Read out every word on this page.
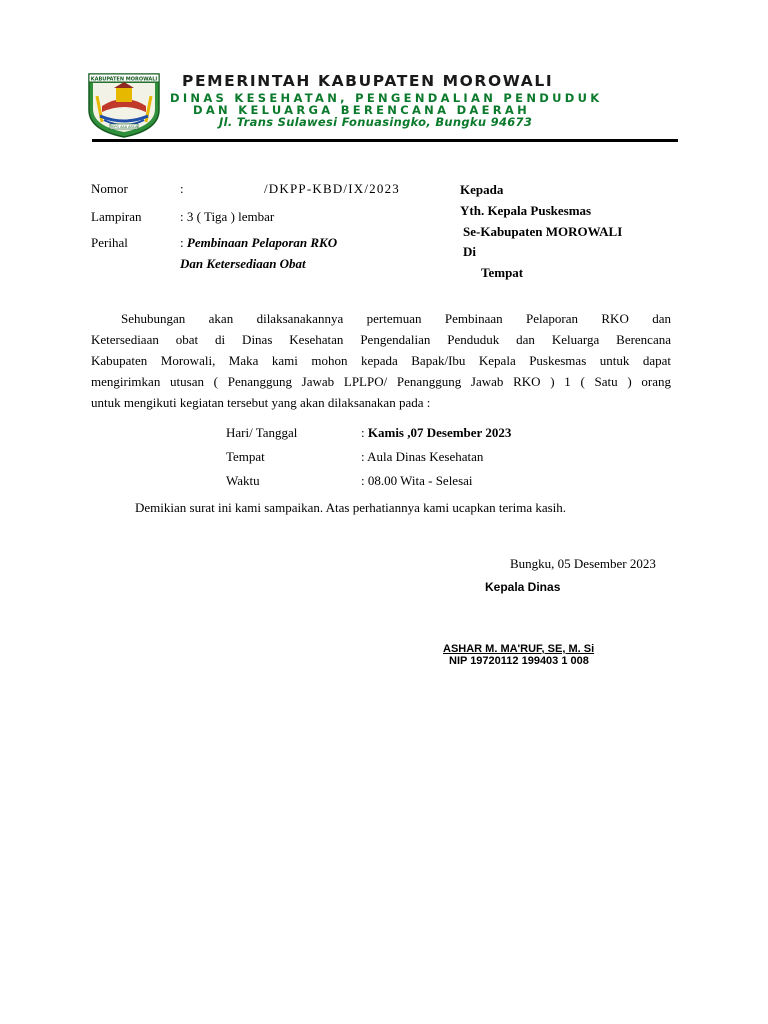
KABUPATEN MOROWALI
TEPO ASA AROA
PEMERINTAH KABUPATEN MOROWALI
DINAS KESEHATAN, PENGENDALIAN PENDUDUK
DAN KELUARGA BERENCANA DAERAH
Jl. Trans Sulawesi Fonuasingko, Bungku 94673
Nomor	:	/DKPP-KBD/IX/2023
Lampiran	: 3 ( Tiga ) lembar
Perihal	: Pembinaan Pelaporan RKO
Dan Ketersediaan Obat
Kepada
Yth. Kepala Puskesmas
Se-Kabupaten MOROWALI
Di
Tempat
Sehubungan akan dilaksanakannya pertemuan Pembinaan Pelaporan RKO dan
Ketersediaan obat di Dinas Kesehatan Pengendalian Penduduk dan Keluarga Berencana
Kabupaten Morowali, Maka kami mohon kepada Bapak/Ibu Kepala Puskesmas untuk dapat
mengirimkan utusan ( Penanggung Jawab LPLPO/ Penanggung Jawab RKO ) 1 ( Satu ) orang
untuk mengikuti kegiatan tersebut yang akan dilaksanakan pada :
Hari/ Tanggal	: Kamis ,07 Desember 2023
Tempat	: Aula Dinas Kesehatan
Waktu	: 08.00 Wita - Selesai
Demikian surat ini kami sampaikan. Atas perhatiannya kami ucapkan terima kasih.
Bungku, 05 Desember 2023
Kepala Dinas
ASHAR M. MA'RUF, SE, M. Si
NIP 19720112 199403 1 008
